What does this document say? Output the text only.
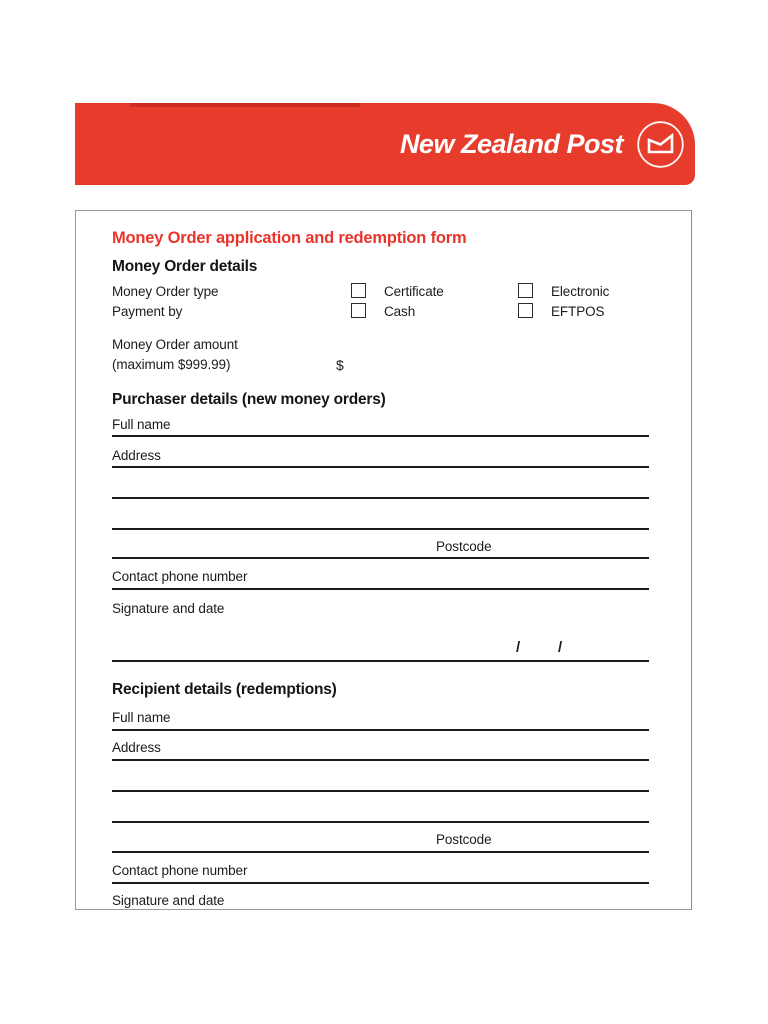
New Zealand Post
Money Order application and redemption form
Money Order details
Money Order type	Certificate	Electronic
Payment by	Cash	EFTPOS
Money Order amount
(maximum $999.99)	$
Purchaser details (new money orders)
Full name
Address
Postcode
Contact phone number
Signature and date
/	/
Recipient details (redemptions)
Full name
Address
Postcode
Contact phone number
Signature and date
